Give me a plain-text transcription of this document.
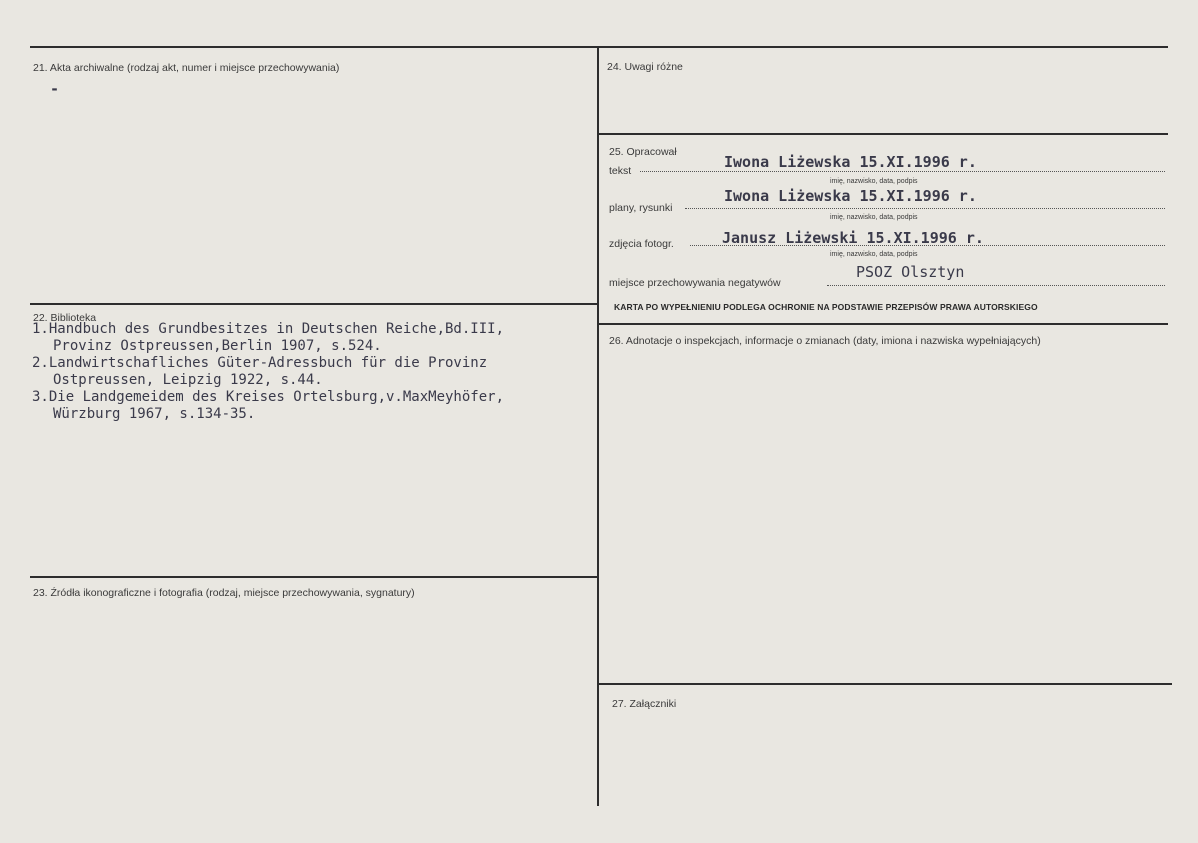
21. Akta archiwalne (rodzaj akt, numer i miejsce przechowywania)
-
22. Biblioteka
1.Handbuch des Grundbesitzes in Deutschen Reiche,Bd.III,
Provinz Ostpreussen,Berlin 1907, s.524.
2.Landwirtschafliches Güter-Adressbuch für die Provinz
Ostpreussen, Leipzig 1922, s.44.
3.Die Landgemeidem des Kreises Ortelsburg,v.MaxMeyhöfer,
Würzburg 1967, s.134-35.
23. Źródła ikonograficzne i fotografia (rodzaj, miejsce przechowywania, sygnatury)
24. Uwagi różne
25. Opracował
tekst	Iwona Liżewska 15.XI.1996 r.
imię, nazwisko, data, podpis
plany, rysunki
Iwona Liżewska 15.XI.1996 r.
imię, nazwisko, data, podpis
zdjęcia fotogr.	Janusz Liżewski 15.XI.1996 r.
imię, nazwisko, data, podpis
miejsce przechowywania negatywów
PSOZ Olsztyn
KARTA PO WYPEŁNIENIU PODLEGA OCHRONIE NA PODSTAWIE PRZEPISÓW PRAWA AUTORSKIEGO
26. Adnotacje o inspekcjach, informacje o zmianach (daty, imiona i nazwiska wypełniających)
27. Załączniki
